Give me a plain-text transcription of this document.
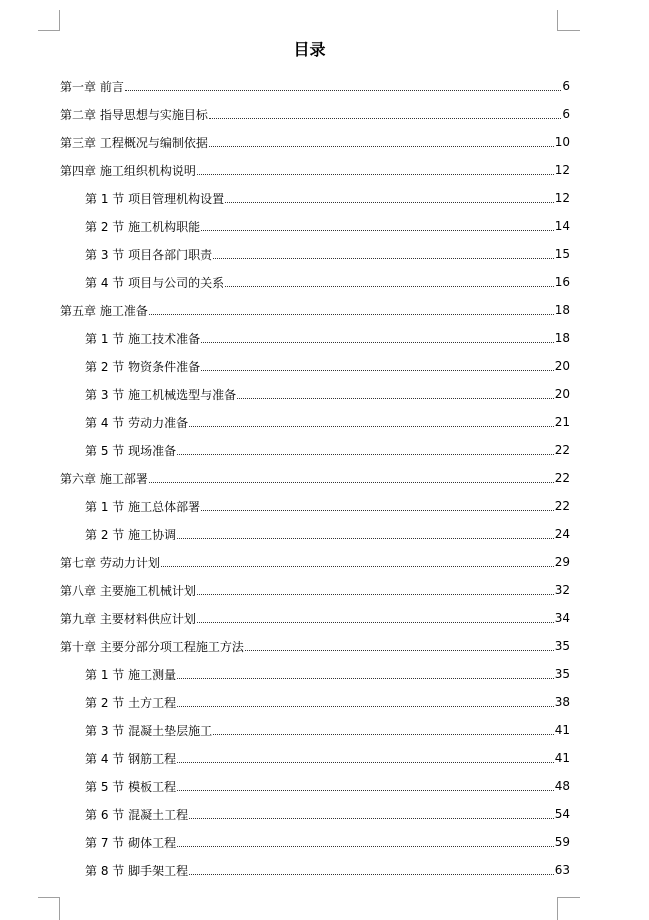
目录
第一章 前言	6
第二章 指导思想与实施目标	6
第三章 工程概况与编制依据	10
第四章 施工组织机构说明	12
第 1 节 项目管理机构设置	12
第 2 节 施工机构职能	14
第 3 节 项目各部门职责	15
第 4 节 项目与公司的关系	16
第五章 施工准备	18
第 1 节 施工技术准备	18
第 2 节 物资条件准备	20
第 3 节 施工机械选型与准备	20
第 4 节 劳动力准备	21
第 5 节 现场准备	22
第六章 施工部署	22
第 1 节 施工总体部署	22
第 2 节 施工协调	24
第七章 劳动力计划	29
第八章 主要施工机械计划	32
第九章 主要材料供应计划	34
第十章 主要分部分项工程施工方法	35
第 1 节 施工测量	35
第 2 节 土方工程	38
第 3 节 混凝土垫层施工	41
第 4 节 钢筋工程	41
第 5 节 模板工程	48
第 6 节 混凝土工程	54
第 7 节 砌体工程	59
第 8 节 脚手架工程	63
